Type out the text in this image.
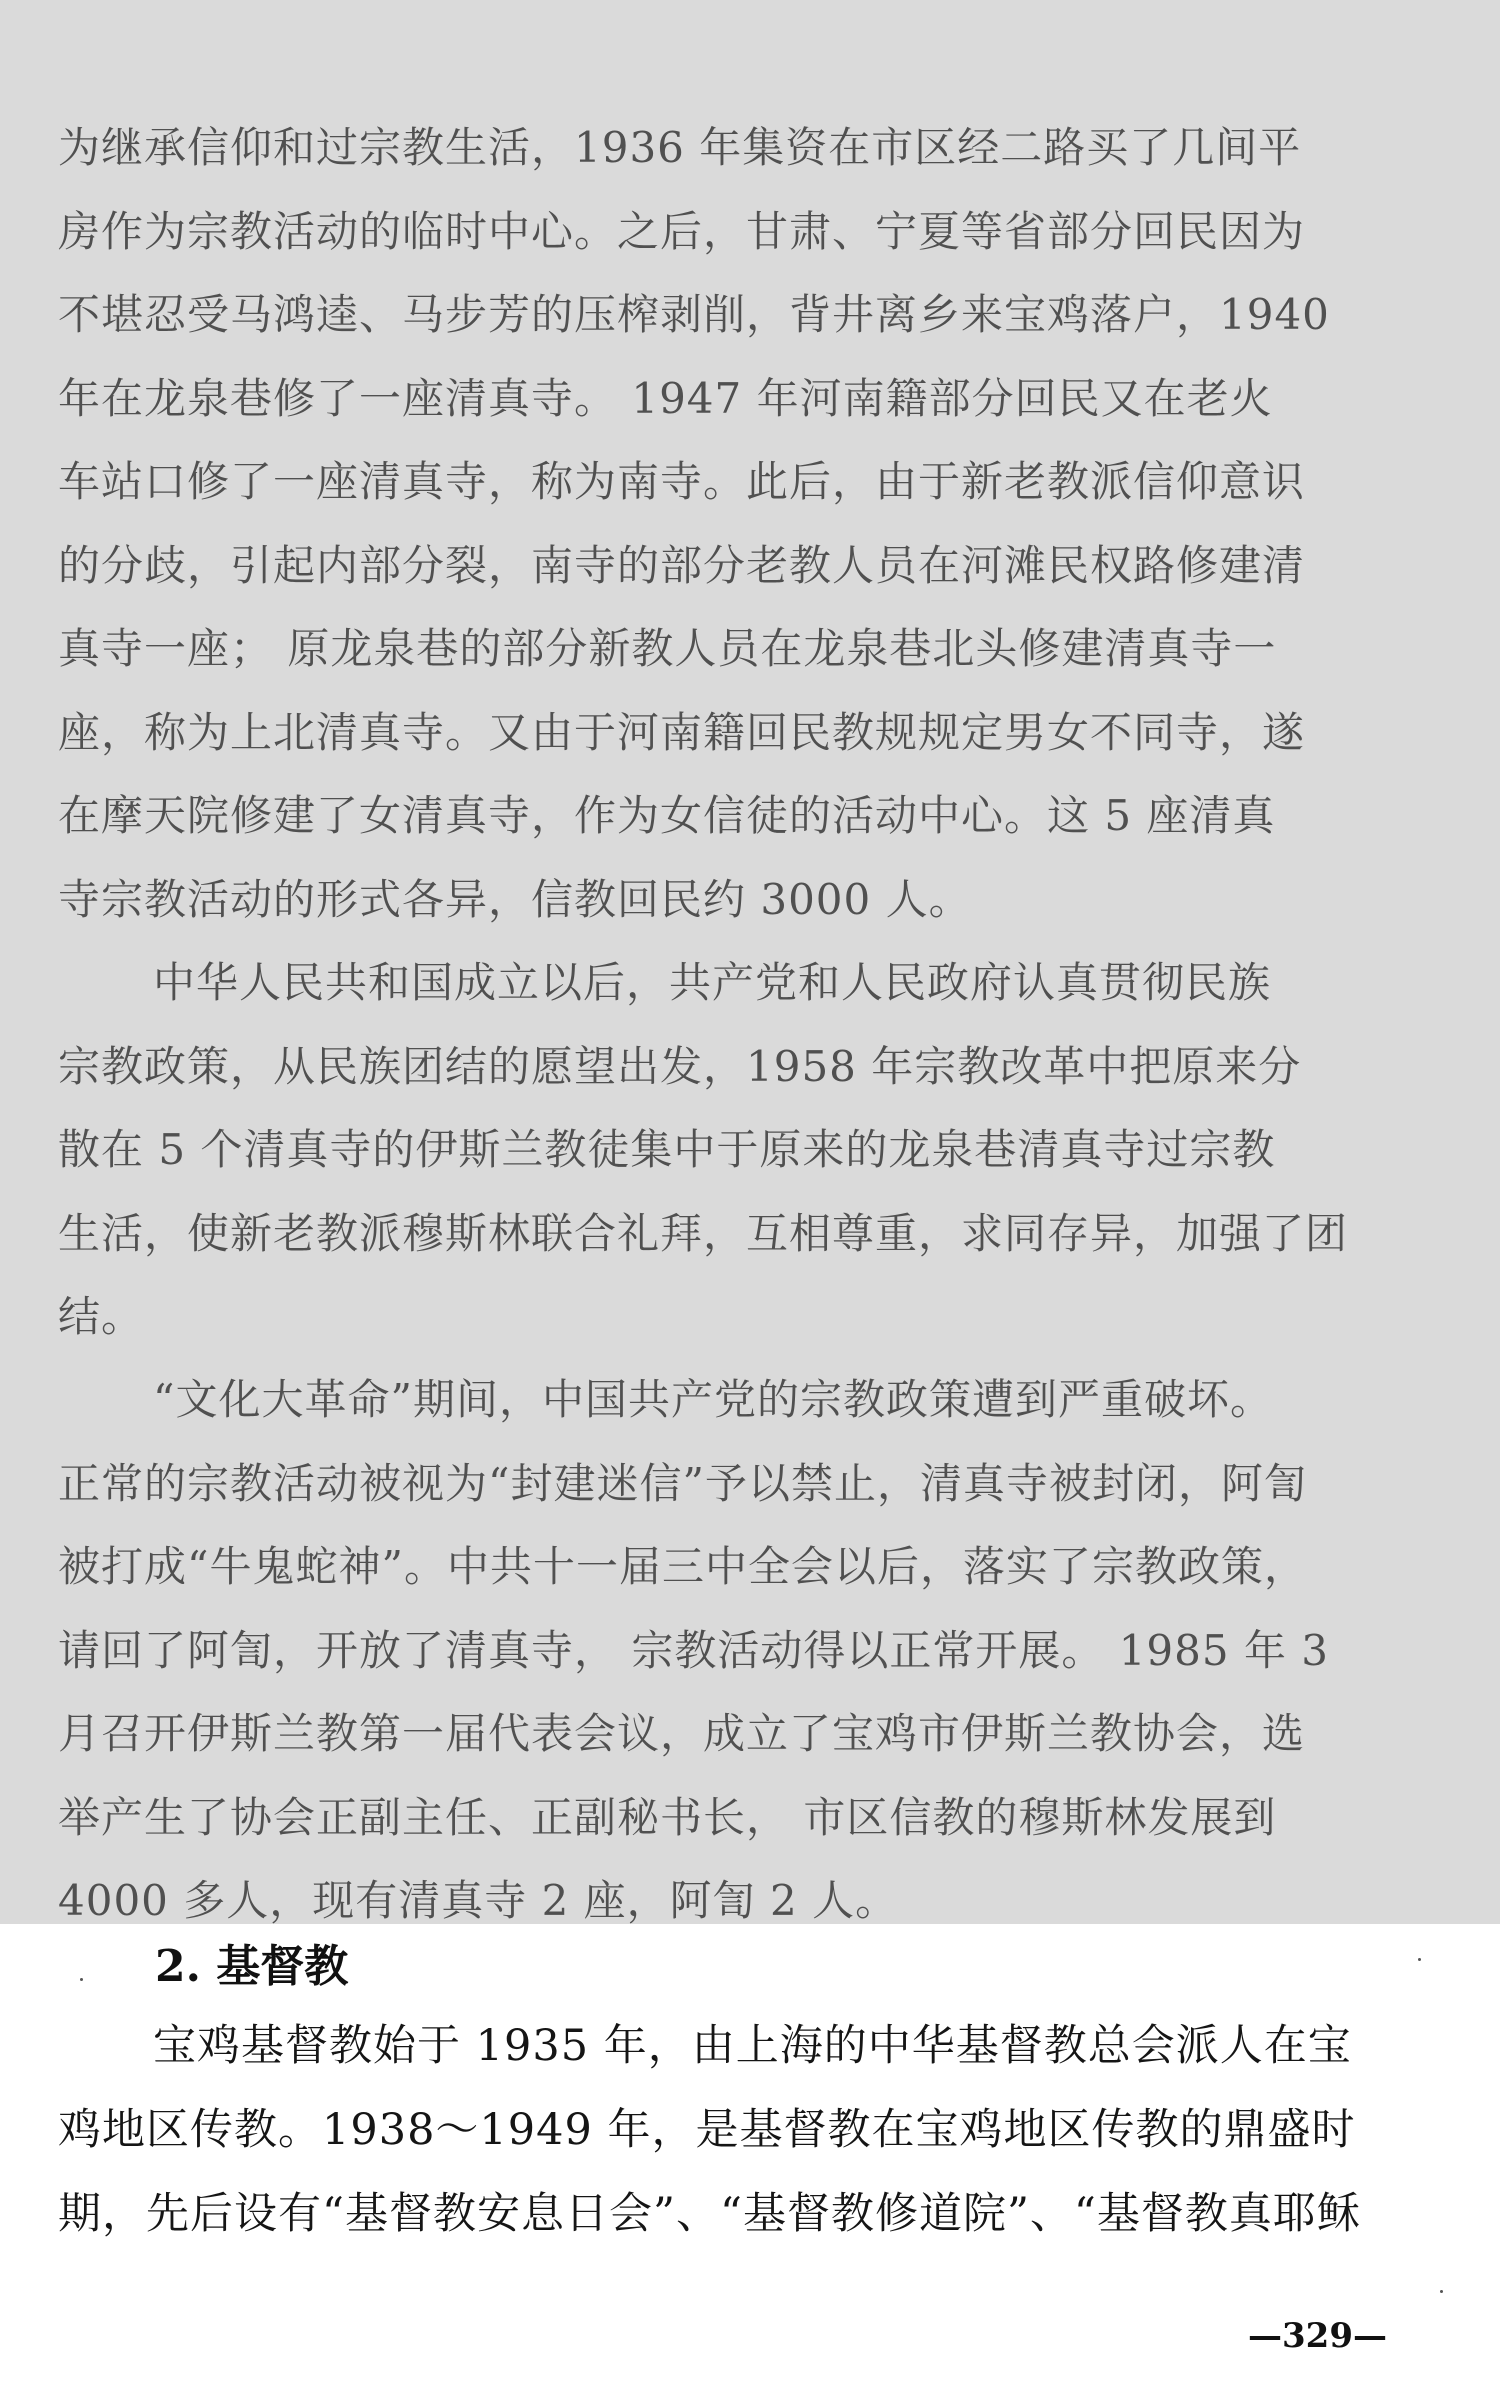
为继承信仰和过宗教生活，1936 年集资在市区经二路买了几间平
房作为宗教活动的临时中心。之后，甘肃、宁夏等省部分回民因为
不堪忍受马鸿逵、马步芳的压榨剥削，背井离乡来宝鸡落户，1940
年在龙泉巷修了一座清真寺。 1947 年河南籍部分回民又在老火
车站口修了一座清真寺，称为南寺。此后，由于新老教派信仰意识
的分歧，引起内部分裂，南寺的部分老教人员在河滩民权路修建清
真寺一座； 原龙泉巷的部分新教人员在龙泉巷北头修建清真寺一
座，称为上北清真寺。又由于河南籍回民教规规定男女不同寺，遂
在摩天院修建了女清真寺，作为女信徒的活动中心。这 5 座清真
寺宗教活动的形式各异，信教回民约 3000 人。
中华人民共和国成立以后，共产党和人民政府认真贯彻民族
宗教政策，从民族团结的愿望出发，1958 年宗教改革中把原来分
散在 5 个清真寺的伊斯兰教徒集中于原来的龙泉巷清真寺过宗教
生活，使新老教派穆斯林联合礼拜，互相尊重，求同存异，加强了团
结。
“文化大革命”期间，中国共产党的宗教政策遭到严重破坏。
正常的宗教活动被视为“封建迷信”予以禁止，清真寺被封闭，阿訇
被打成“牛鬼蛇神”。中共十一届三中全会以后，落实了宗教政策，
请回了阿訇，开放了清真寺， 宗教活动得以正常开展。 1985 年 3
月召开伊斯兰教第一届代表会议，成立了宝鸡市伊斯兰教协会，选
举产生了协会正副主任、正副秘书长， 市区信教的穆斯林发展到
4000 多人，现有清真寺 2 座，阿訇 2 人。
2. 基督教
宝鸡基督教始于 1935 年，由上海的中华基督教总会派人在宝
鸡地区传教。1938～1949 年，是基督教在宝鸡地区传教的鼎盛时
期，先后设有“基督教安息日会”、“基督教修道院”、“基督教真耶稣
—329—
